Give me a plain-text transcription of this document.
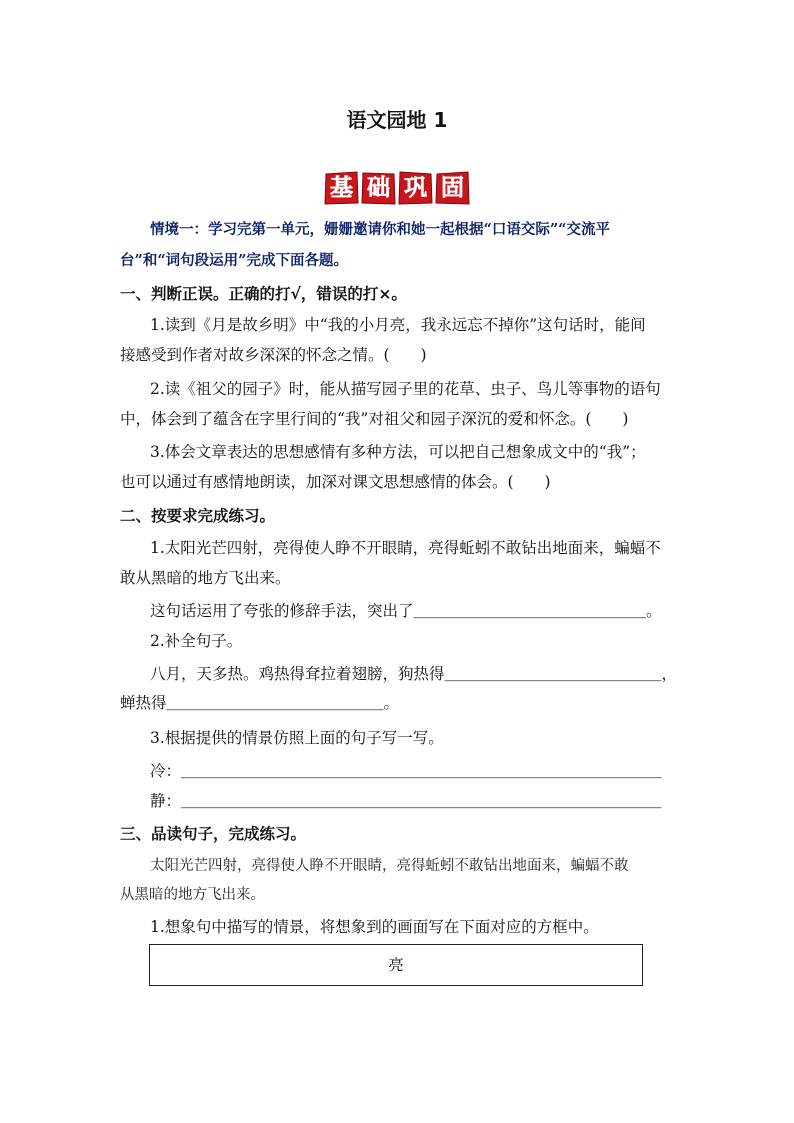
语文园地 1
基 础 巩 固
情境一：学习完第一单元，姗姗邀请你和她一起根据“口语交际”“交流平
台”和“词句段运用”完成下面各题。
一、判断正误。正确的打√，错误的打×。
1.读到《月是故乡明》中“我的小月亮，我永远忘不掉你”这句话时，能间
接感受到作者对故乡深深的怀念之情。(　　)
2.读《祖父的园子》时，能从描写园子里的花草、虫子、鸟儿等事物的语句
中，体会到了蕴含在字里行间的“我”对祖父和园子深沉的爱和怀念。(　　)
3.体会文章表达的思想感情有多种方法，可以把自己想象成文中的“我”；
也可以通过有感情地朗读，加深对课文思想感情的体会。(　　)
二、按要求完成练习。
1.太阳光芒四射，亮得使人睁不开眼睛，亮得蚯蚓不敢钻出地面来，蝙蝠不
敢从黑暗的地方飞出来。
这句话运用了夸张的修辞手法，突出了＿＿＿＿＿＿＿＿＿＿＿＿＿＿＿。
2.补全句子。
八月，天多热。鸡热得耷拉着翅膀，狗热得＿＿＿＿＿＿＿＿＿＿＿＿＿＿，
蝉热得＿＿＿＿＿＿＿＿＿＿＿＿＿＿。
3.根据提供的情景仿照上面的句子写一写。
冷：＿＿＿＿＿＿＿＿＿＿＿＿＿＿＿＿＿＿＿＿＿＿＿＿＿＿＿＿＿＿＿
静：＿＿＿＿＿＿＿＿＿＿＿＿＿＿＿＿＿＿＿＿＿＿＿＿＿＿＿＿＿＿＿
三、品读句子，完成练习。
太阳光芒四射，亮得使人睁不开眼睛，亮得蚯蚓不敢钻出地面来，蝙蝠不敢
从黑暗的地方飞出来。
1.想象句中描写的情景，将想象到的画面写在下面对应的方框中。
亮
